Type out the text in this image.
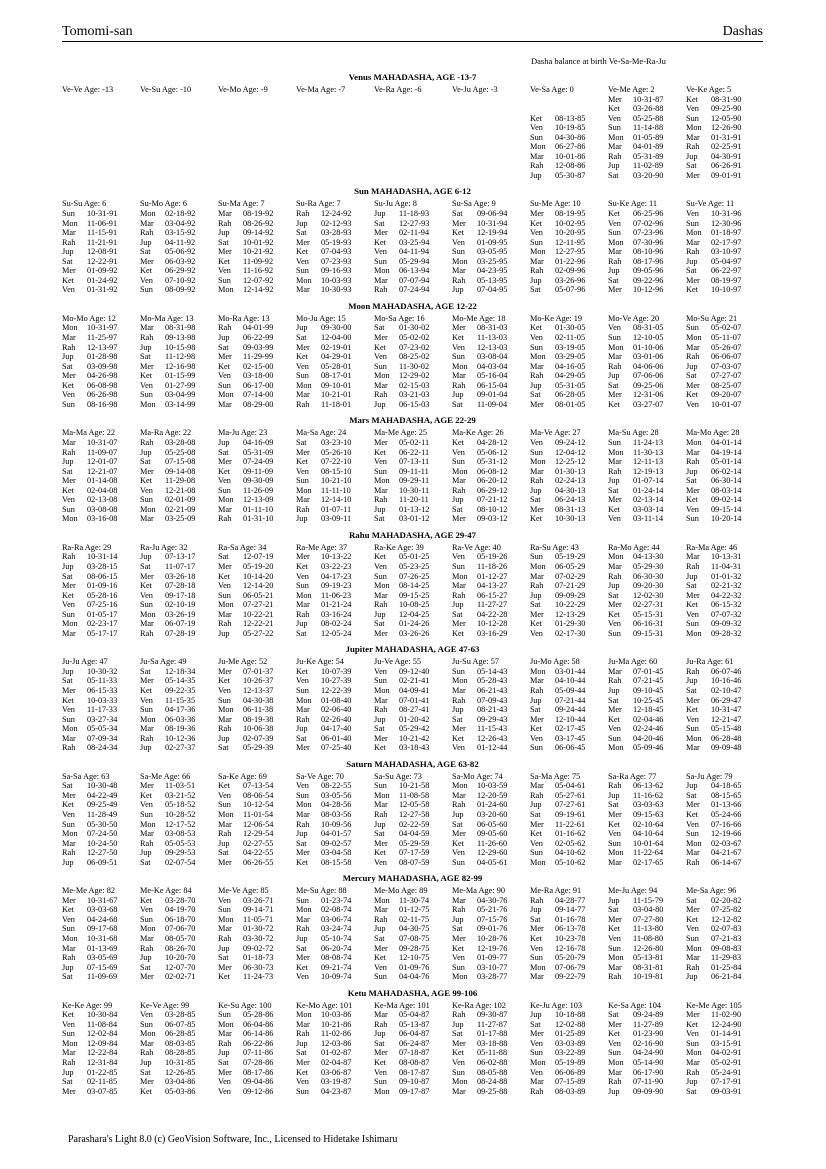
Tomomi-san	Dashas
Dasha balance at birth Ve-Sa-Me-Ra-Ju
Venus MAHADASHA, AGE -13-7
Ve-Ve Age: -13	Ve-Su Age: -10	Ve-Mo Age: -9	Ve-Ma Age: -7	Ve-Ra Age: -6	Ve-Ju Age: -3	Ve-Sa Age: 0

Ket	08-13-85
Ven	10-19-85
Sun	04-30-86
Mon	06-27-86
Mar	10-01-86
Rah	12-08-86
Jup	05-30-87
Ve-Me Age: 2
Mer	10-31-87
Ket	03-26-88
Ven	05-25-88
Sun	11-14-88
Mon	01-05-89
Mar	04-01-89
Rah	05-31-89
Jup	11-02-89
Sat	03-20-90
Ve-Ke Age: 5
Ket	08-31-90
Ven	09-25-90
Sun	12-05-90
Mon	12-26-90
Mar	01-31-91
Rah	02-25-91
Jup	04-30-91
Sat	06-26-91
Mer	09-01-91
Sun MAHADASHA, AGE 6-12
Su-Su Age: 6
Sun	10-31-91
Mon	11-06-91
Mar	11-15-91
Rah	11-21-91
Jup	12-08-91
Sat	12-22-91
Mer	01-09-92
Ket	01-24-92
Ven	01-31-92
Su-Mo Age: 6
Mon	02-18-92
Mar	03-04-92
Rah	03-15-92
Jup	04-11-92
Sat	05-06-92
Mer	06-03-92
Ket	06-29-92
Ven	07-10-92
Sun	08-09-92
Su-Ma Age: 7
Mar	08-19-92
Rah	08-26-92
Jup	09-14-92
Sat	10-01-92
Mer	10-21-92
Ket	11-09-92
Ven	11-16-92
Sun	12-07-92
Mon	12-14-92
Su-Ra Age: 7
Rah	12-24-92
Jup	02-12-93
Sat	03-28-93
Mer	05-19-93
Ket	07-04-93
Ven	07-23-93
Sun	09-16-93
Mon	10-03-93
Mar	10-30-93
Su-Ju Age: 8
Jup	11-18-93
Sat	12-27-93
Mer	02-11-94
Ket	03-25-94
Ven	04-11-94
Sun	05-29-94
Mon	06-13-94
Mar	07-07-94
Rah	07-24-94
Su-Sa Age: 9
Sat	09-06-94
Mer	10-31-94
Ket	12-19-94
Ven	01-09-95
Sun	03-05-95
Mon	03-25-95
Mar	04-23-95
Rah	05-13-95
Jup	07-04-95
Su-Me Age: 10
Mer	08-19-95
Ket	10-02-95
Ven	10-20-95
Sun	12-11-95
Mon	12-27-95
Mar	01-22-96
Rah	02-09-96
Jup	03-26-96
Sat	05-07-96
Su-Ke Age: 11
Ket	06-25-96
Ven	07-02-96
Sun	07-23-96
Mon	07-30-96
Mar	08-10-96
Rah	08-17-96
Jup	09-05-96
Sat	09-22-96
Mer	10-12-96
Su-Ve Age: 11
Ven	10-31-96
Sun	12-30-96
Mon	01-18-97
Mar	02-17-97
Rah	03-10-97
Jup	05-04-97
Sat	06-22-97
Mer	08-19-97
Ket	10-10-97
Moon MAHADASHA, AGE 12-22
Mo-Mo Age: 12
Mon	10-31-97
Mar	11-25-97
Rah	12-13-97
Jup	01-28-98
Sat	03-09-98
Mer	04-26-98
Ket	06-08-98
Ven	06-26-98
Sun	08-16-98
Mo-Ma Age: 13
Mar	08-31-98
Rah	09-13-98
Jup	10-15-98
Sat	11-12-98
Mer	12-16-98
Ket	01-15-99
Ven	01-27-99
Sun	03-04-99
Mon	03-14-99
Mo-Ra Age: 13
Rah	04-01-99
Jup	06-22-99
Sat	09-03-99
Mer	11-29-99
Ket	02-15-00
Ven	03-18-00
Sun	06-17-00
Mon	07-14-00
Mar	08-29-00
Mo-Ju Age: 15
Jup	09-30-00
Sat	12-04-00
Mer	02-19-01
Ket	04-29-01
Ven	05-28-01
Sun	08-17-01
Mon	09-10-01
Mar	10-21-01
Rah	11-18-01
Mo-Sa Age: 16
Sat	01-30-02
Mer	05-02-02
Ket	07-23-02
Ven	08-25-02
Sun	11-30-02
Mon	12-29-02
Mar	02-15-03
Rah	03-21-03
Jup	06-15-03
Mo-Me Age: 18
Mer	08-31-03
Ket	11-13-03
Ven	12-13-03
Sun	03-08-04
Mon	04-03-04
Mar	05-16-04
Rah	06-15-04
Jup	09-01-04
Sat	11-09-04
Mo-Ke Age: 19
Ket	01-30-05
Ven	02-11-05
Sun	03-19-05
Mon	03-29-05
Mar	04-16-05
Rah	04-29-05
Jup	05-31-05
Sat	06-28-05
Mer	08-01-05
Mo-Ve Age: 20
Ven	08-31-05
Sun	12-10-05
Mon	01-10-06
Mar	03-01-06
Rah	04-06-06
Jup	07-06-06
Sat	09-25-06
Mer	12-31-06
Ket	03-27-07
Mo-Su Age: 21
Sun	05-02-07
Mon	05-11-07
Mar	05-26-07
Rah	06-06-07
Jup	07-03-07
Sat	07-27-07
Mer	08-25-07
Ket	09-20-07
Ven	10-01-07
Mars MAHADASHA, AGE 22-29
Ma-Ma Age: 22
Mar	10-31-07
Rah	11-09-07
Jup	12-01-07
Sat	12-21-07
Mer	01-14-08
Ket	02-04-08
Ven	02-13-08
Sun	03-08-08
Mon	03-16-08
Ma-Ra Age: 22
Rah	03-28-08
Jup	05-25-08
Sat	07-15-08
Mer	09-14-08
Ket	11-29-08
Ven	12-21-08
Sun	02-01-09
Mon	02-21-09
Mar	03-25-09
Ma-Ju Age: 23
Jup	04-16-09
Sat	05-31-09
Mer	07-24-09
Ket	09-11-09
Ven	09-30-09
Sun	11-26-09
Mon	12-13-09
Mar	01-11-10
Rah	01-31-10
Ma-Sa Age: 24
Sat	03-23-10
Mer	05-26-10
Ket	07-22-10
Ven	08-15-10
Sun	10-21-10
Mon	11-11-10
Mar	12-14-10
Rah	01-07-11
Jup	03-09-11
Ma-Me Age: 25
Mer	05-02-11
Ket	06-22-11
Ven	07-13-11
Sun	09-11-11
Mon	09-29-11
Mar	10-30-11
Rah	11-20-11
Jup	01-13-12
Sat	03-01-12
Ma-Ke Age: 26
Ket	04-28-12
Ven	05-06-12
Sun	05-31-12
Mon	06-08-12
Mar	06-20-12
Rah	06-29-12
Jup	07-21-12
Sat	08-10-12
Mer	09-03-12
Ma-Ve Age: 27
Ven	09-24-12
Sun	12-04-12
Mon	12-25-12
Mar	01-30-13
Rah	02-24-13
Jup	04-30-13
Sat	06-24-13
Mer	08-31-13
Ket	10-30-13
Ma-Su Age: 28
Sun	11-24-13
Mon	11-30-13
Mar	12-11-13
Rah	12-19-13
Jup	01-07-14
Sat	01-24-14
Mer	02-13-14
Ket	03-03-14
Ven	03-11-14
Ma-Mo Age: 28
Mon	04-01-14
Mar	04-19-14
Rah	05-01-14
Jup	06-02-14
Sat	06-30-14
Mer	08-03-14
Ket	09-02-14
Ven	09-15-14
Sun	10-20-14
Rahu MAHADASHA, AGE 29-47
Ra-Ra Age: 29
Rah	10-31-14
Jup	03-28-15
Sat	08-06-15
Mer	01-09-16
Ket	05-28-16
Ven	07-25-16
Sun	01-05-17
Mon	02-23-17
Mar	05-17-17
Ra-Ju Age: 32
Jup	07-13-17
Sat	11-07-17
Mer	03-26-18
Ket	07-28-18
Ven	09-17-18
Sun	02-10-19
Mon	03-26-19
Mar	06-07-19
Rah	07-28-19
Ra-Sa Age: 34
Sat	12-07-19
Mer	05-19-20
Ket	10-14-20
Ven	12-14-20
Sun	06-05-21
Mon	07-27-21
Mar	10-22-21
Rah	12-22-21
Jup	05-27-22
Ra-Me Age: 37
Mer	10-13-22
Ket	03-22-23
Ven	04-17-23
Sun	09-19-23
Mon	11-06-23
Mar	01-21-24
Rah	03-16-24
Jup	08-02-24
Sat	12-05-24
Ra-Ke Age: 39
Ket	05-01-25
Ven	05-23-25
Sun	07-26-25
Mon	08-14-25
Mar	09-15-25
Rah	10-08-25
Jup	12-04-25
Sat	01-24-26
Mer	03-26-26
Ra-Ve Age: 40
Ven	05-19-26
Sun	11-18-26
Mon	01-12-27
Mar	04-13-27
Rah	06-15-27
Jup	11-27-27
Sat	04-22-28
Mer	10-12-28
Ket	03-16-29
Ra-Su Age: 43
Sun	05-19-29
Mon	06-05-29
Mar	07-02-29
Rah	07-21-29
Jup	09-09-29
Sat	10-22-29
Mer	12-13-29
Ket	01-29-30
Ven	02-17-30
Ra-Mo Age: 44
Mon	04-13-30
Mar	05-29-30
Rah	06-30-30
Jup	09-20-30
Sat	12-02-30
Mer	02-27-31
Ket	05-15-31
Ven	06-16-31
Sun	09-15-31
Ra-Ma Age: 46
Mar	10-13-31
Rah	11-04-31
Jup	01-01-32
Sat	02-21-32
Mer	04-22-32
Ket	06-15-32
Ven	07-07-32
Sun	09-09-32
Mon	09-28-32
Jupiter MAHADASHA, AGE 47-63
Ju-Ju Age: 47
Jup	10-30-32
Sat	05-11-33
Mer	06-15-33
Ket	10-03-33
Ven	11-17-33
Sun	03-27-34
Mon	05-05-34
Mar	07-09-34
Rah	08-24-34
Ju-Sa Age: 49
Sat	12-18-34
Mer	05-14-35
Ket	09-22-35
Ven	11-15-35
Sun	04-17-36
Mon	06-03-36
Mar	08-19-36
Rah	10-12-36
Jup	02-27-37
Ju-Me Age: 52
Mer	07-01-37
Ket	10-26-37
Ven	12-13-37
Sun	04-30-38
Mon	06-11-38
Mar	08-19-38
Rah	10-06-38
Jup	02-07-39
Sat	05-29-39
Ju-Ke Age: 54
Ket	10-07-39
Ven	10-27-39
Sun	12-22-39
Mon	01-08-40
Mar	02-06-40
Rah	02-26-40
Jup	04-17-40
Sat	06-01-40
Mer	07-25-40
Ju-Ve Age: 55
Ven	09-12-40
Sun	02-21-41
Mon	04-09-41
Mar	07-01-41
Rah	08-27-41
Jup	01-20-42
Sat	05-29-42
Mer	10-21-42
Ket	03-18-43
Ju-Su Age: 57
Sun	05-14-43
Mon	05-28-43
Mar	06-21-43
Rah	07-09-43
Jup	08-21-43
Sat	09-29-43
Mer	11-15-43
Ket	12-26-43
Ven	01-12-44
Ju-Mo Age: 58
Mon	03-01-44
Mar	04-10-44
Rah	05-09-44
Jup	07-21-44
Sat	09-24-44
Mer	12-10-44
Ket	02-17-45
Ven	03-17-45
Sun	06-06-45
Ju-Ma Age: 60
Mar	07-01-45
Rah	07-21-45
Jup	09-10-45
Sat	10-25-45
Mer	12-18-45
Ket	02-04-46
Ven	02-24-46
Sun	04-20-46
Mon	05-09-46
Ju-Ra Age: 61
Rah	06-07-46
Jup	10-16-46
Sat	02-10-47
Mer	06-29-47
Ket	10-31-47
Ven	12-21-47
Sun	05-15-48
Mon	06-28-48
Mar	09-09-48
Saturn MAHADASHA, AGE 63-82
Sa-Sa Age: 63
Sat	10-30-48
Mer	04-22-49
Ket	09-25-49
Ven	11-28-49
Sun	05-30-50
Mon	07-24-50
Mar	10-24-50
Rah	12-27-50
Jup	06-09-51
Sa-Me Age: 66
Mer	11-03-51
Ket	03-21-52
Ven	05-18-52
Sun	10-28-52
Mon	12-17-52
Mar	03-08-53
Rah	05-05-53
Jup	09-29-53
Sat	02-07-54
Sa-Ke Age: 69
Ket	07-13-54
Ven	08-06-54
Sun	10-12-54
Mon	11-01-54
Mar	12-06-54
Rah	12-29-54
Jup	02-27-55
Sat	04-22-55
Mer	06-26-55
Sa-Ve Age: 70
Ven	08-22-55
Sun	03-05-56
Mon	04-28-56
Mar	08-03-56
Rah	10-09-56
Jup	04-01-57
Sat	09-02-57
Mer	03-04-58
Ket	08-15-58
Sa-Su Age: 73
Sun	10-21-58
Mon	11-08-58
Mar	12-05-58
Rah	12-27-58
Jup	02-22-59
Sat	04-04-59
Mer	05-29-59
Ket	07-17-59
Ven	08-07-59
Sa-Mo Age: 74
Mon	10-03-59
Mar	12-20-59
Rah	01-24-60
Jup	03-20-60
Sat	06-05-60
Mer	09-05-60
Ket	11-26-60
Ven	12-29-60
Sun	04-05-61
Sa-Ma Age: 75
Mar	05-04-61
Rah	05-27-61
Jup	07-27-61
Sat	09-19-61
Mer	11-22-61
Ket	01-16-62
Ven	02-05-62
Sun	04-10-62
Mon	05-10-62
Sa-Ra Age: 77
Rah	06-13-62
Jup	11-16-62
Sat	03-03-63
Mer	09-15-63
Ket	02-10-64
Ven	04-10-64
Sun	10-01-64
Mon	11-22-64
Mar	02-17-65
Sa-Ju Age: 79
Jup	04-18-65
Sat	08-15-65
Mer	01-13-66
Ket	05-24-66
Ven	07-16-66
Sun	12-19-66
Mon	02-03-67
Mar	04-21-67
Rah	06-14-67
Mercury MAHADASHA, AGE 82-99
Me-Me Age: 82
Mer	10-31-67
Ket	03-03-68
Ven	04-24-68
Sun	09-17-68
Mon	10-31-68
Mar	01-13-69
Rah	03-05-69
Jup	07-15-69
Sat	11-09-69
Me-Ke Age: 84
Ket	03-28-70
Ven	04-19-70
Sun	06-18-70
Mon	07-06-70
Mar	08-05-70
Rah	08-26-70
Jup	10-20-70
Sat	12-07-70
Mer	02-02-71
Me-Ve Age: 85
Ven	03-26-71
Sun	09-14-71
Mon	11-05-71
Mar	01-30-72
Rah	03-30-72
Jup	09-02-72
Sat	01-18-73
Mer	06-30-73
Ket	11-24-73
Me-Su Age: 88
Sun	01-23-74
Mon	02-08-74
Mar	03-06-74
Rah	03-24-74
Jup	05-10-74
Sat	06-20-74
Mer	08-08-74
Ket	09-21-74
Ven	10-09-74
Me-Mo Age: 89
Mon	11-30-74
Mar	01-12-75
Rah	02-11-75
Jup	04-30-75
Sat	07-08-75
Mer	09-28-75
Ket	12-10-75
Ven	01-09-76
Sun	04-04-76
Me-Ma Age: 90
Mar	04-30-76
Rah	05-21-76
Jup	07-15-76
Sat	09-01-76
Mer	10-28-76
Ket	12-19-76
Ven	01-09-77
Sun	03-10-77
Mon	03-28-77
Me-Ra Age: 91
Rah	04-28-77
Jup	09-14-77
Sat	01-16-78
Mer	06-13-78
Ket	10-23-78
Ven	12-16-78
Sun	05-20-79
Mon	07-06-79
Mar	09-22-79
Me-Ju Age: 94
Jup	11-15-79
Sat	03-04-80
Mer	07-27-80
Ket	11-13-80
Ven	11-08-80
Sun	12-26-80
Mon	05-13-81
Mar	08-31-81
Rah	10-19-81
Me-Sa Age: 96
Sat	02-20-82
Mer	07-25-82
Ket	12-12-82
Ven	02-07-83
Sun	07-21-83
Mon	09-08-83
Mar	11-29-83
Rah	01-25-84
Jup	06-21-84
Ketu MAHADASHA, AGE 99-106
Ke-Ke Age: 99
Ket	10-30-84
Ven	11-08-84
Sun	12-02-84
Mon	12-09-84
Mar	12-22-84
Rah	12-31-84
Jup	01-22-85
Sat	02-11-85
Mer	03-07-85
Ke-Ve Age: 99
Ven	03-28-85
Sun	06-07-85
Mon	06-28-85
Mar	08-03-85
Rah	08-28-85
Jup	10-31-85
Sat	12-26-85
Mer	03-04-86
Ket	05-03-86
Ke-Su Age: 100
Sun	05-28-86
Mon	06-04-86
Mar	06-14-86
Rah	06-22-86
Jup	07-11-86
Sat	07-28-86
Mer	08-17-86
Ven	09-04-86
Ven	09-12-86
Ke-Mo Age: 101
Mon	10-03-86
Mar	10-21-86
Rah	11-02-86
Jup	12-03-86
Sat	01-02-87
Mer	02-04-87
Ket	03-06-87
Ven	03-19-87
Sun	04-23-87
Ke-Ma Age: 101
Mar	05-04-87
Rah	05-13-87
Jup	06-04-87
Sat	06-24-87
Mer	07-18-87
Ket	08-08-87
Ven	08-17-87
Sun	09-10-87
Mon	09-17-87
Ke-Ra Age: 102
Rah	09-30-87
Jup	11-27-87
Sat	01-17-88
Mer	03-18-88
Ket	05-11-88
Ven	06-02-88
Sun	08-05-88
Mon	08-24-88
Mar	09-25-88
Ke-Ju Age: 103
Jup	10-18-88
Sat	12-02-88
Mer	01-25-89
Ven	03-03-89
Sun	03-22-89
Mon	05-19-89
Ven	06-06-89
Mar	07-15-89
Rah	08-03-89
Ke-Sa Age: 104
Sat	09-24-89
Mer	11-27-89
Ket	01-23-90
Ven	02-16-90
Sun	04-24-90
Mon	05-14-90
Mar	06-17-90
Rah	07-11-90
Jup	09-09-90
Ke-Me Age: 105
Mer	11-02-90
Ket	12-24-90
Ven	01-14-91
Sun	03-15-91
Mon	04-02-91
Mar	05-02-91
Rah	05-24-91
Jup	07-17-91
Sat	09-03-91
Parashara's Light 8.0 (c) GeoVision Software, Inc., Licensed to Hidetake Ishimaru
